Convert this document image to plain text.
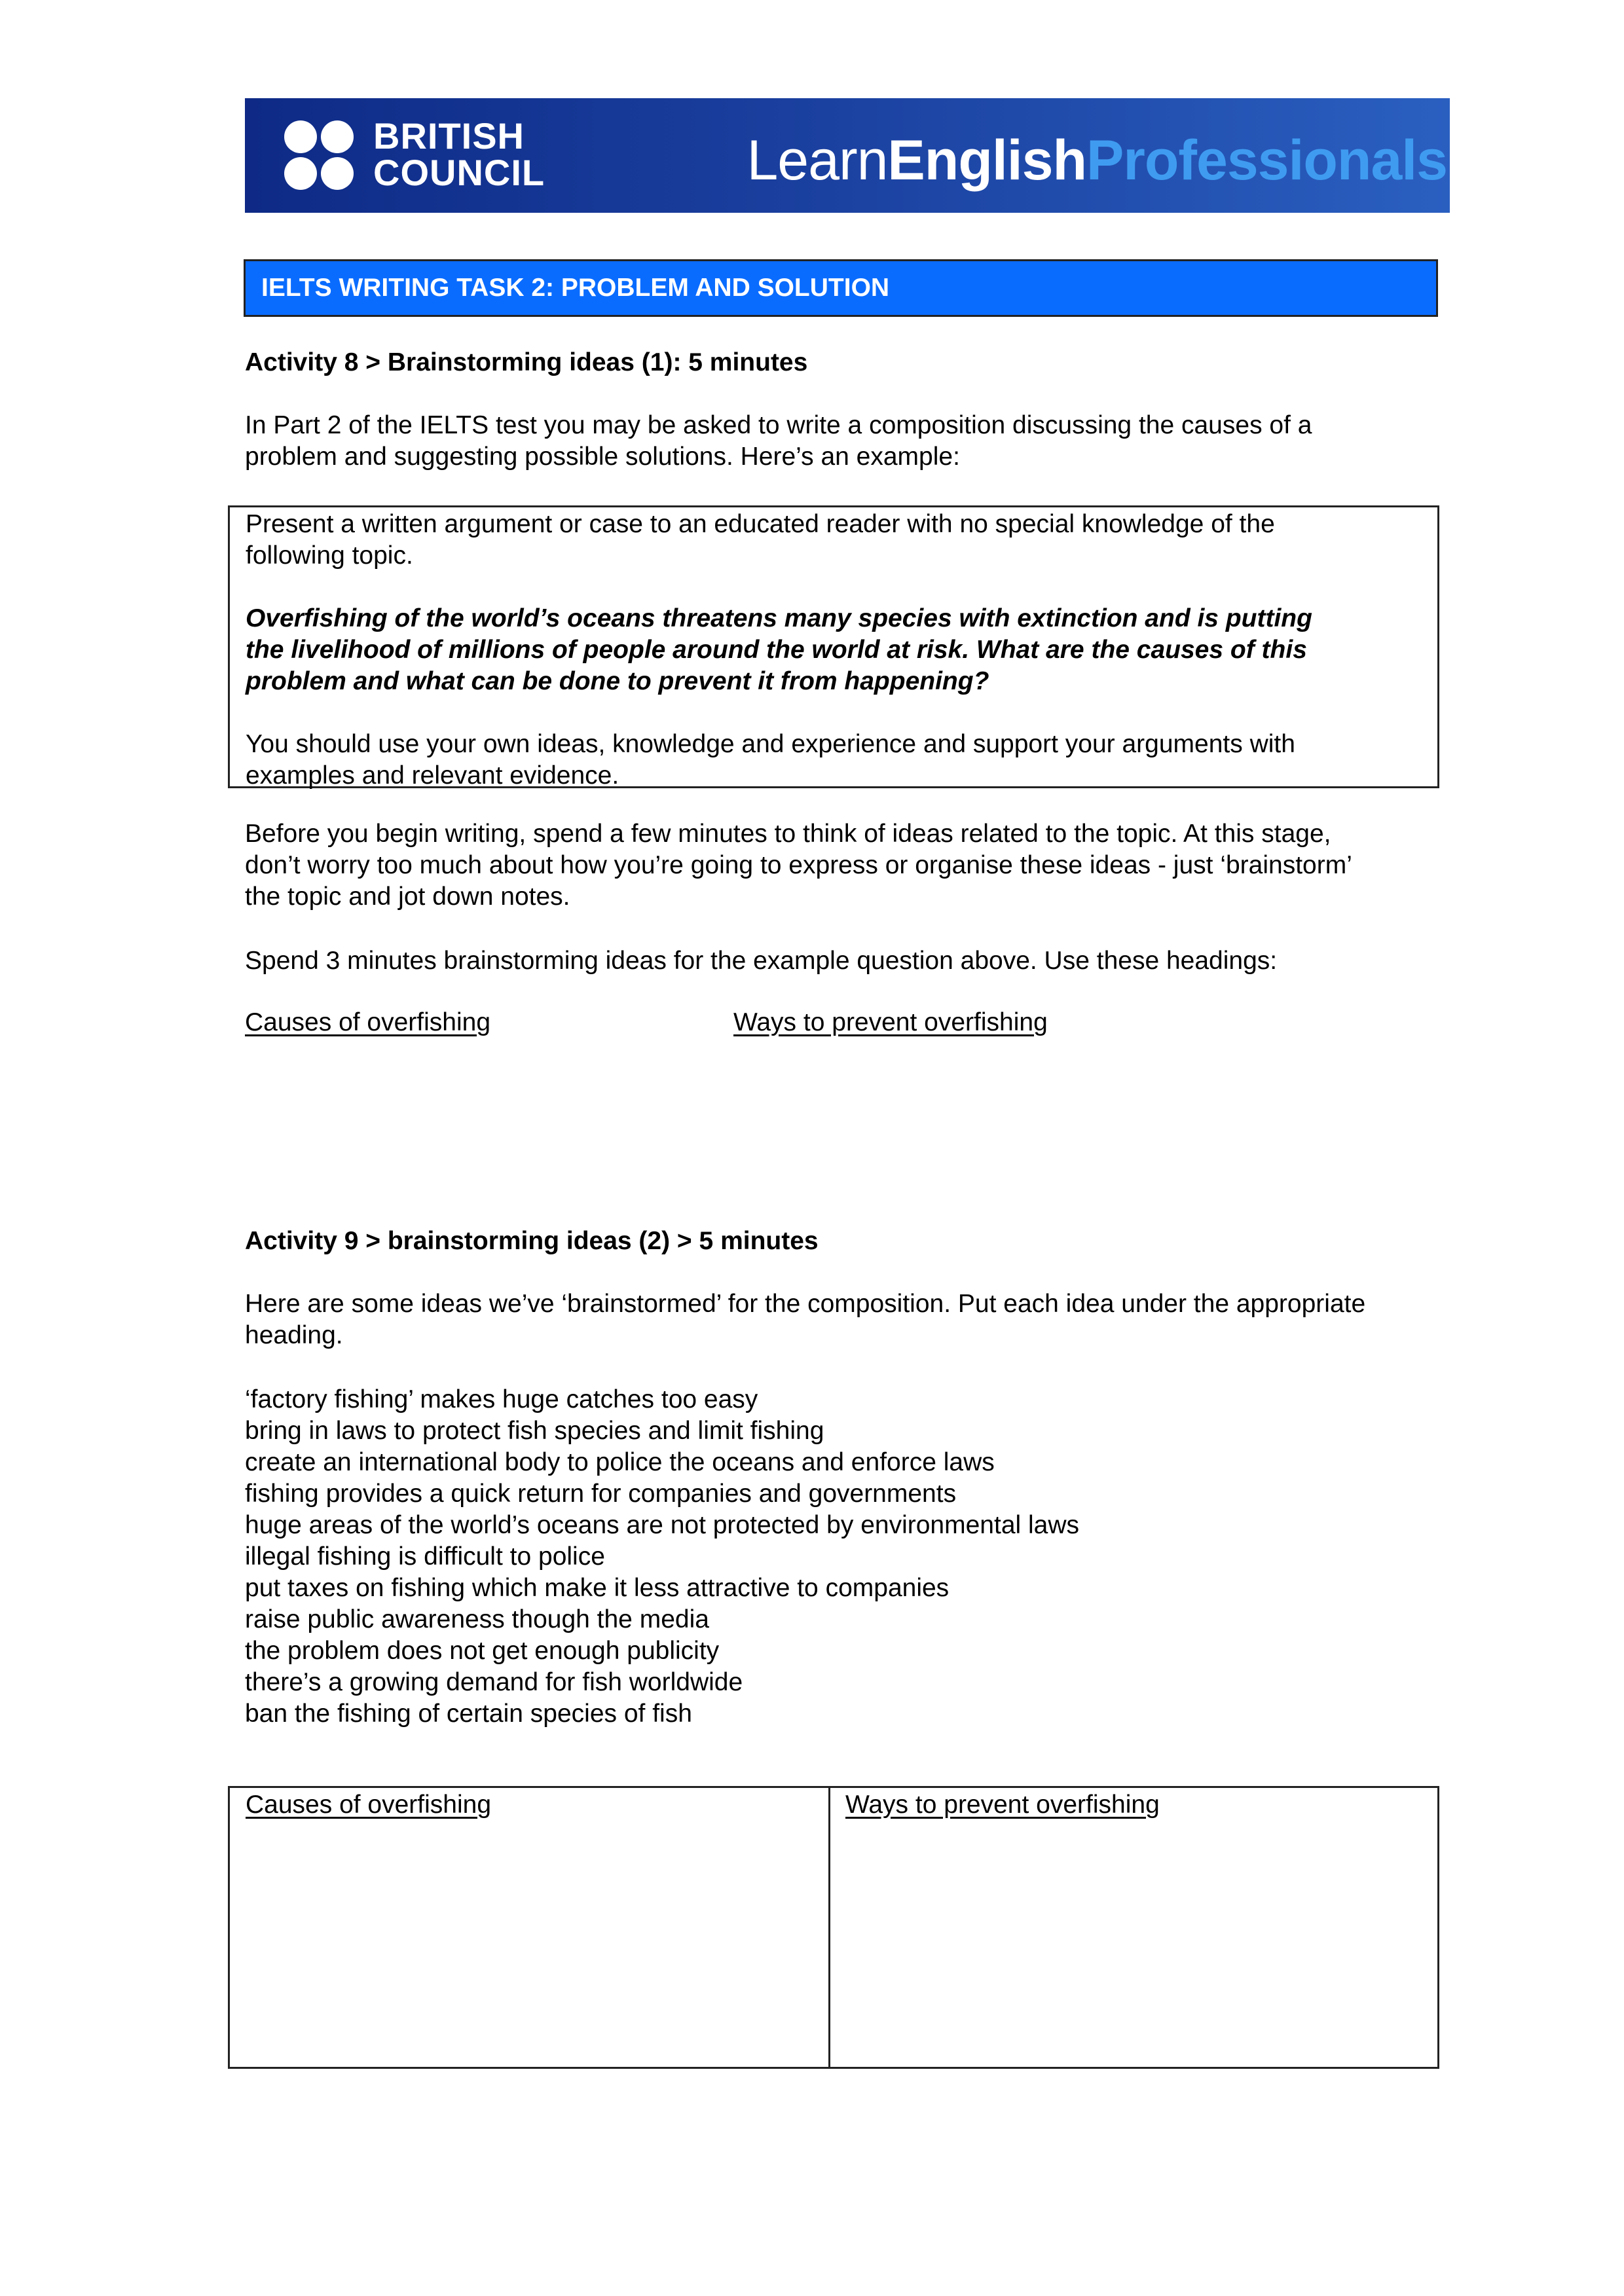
BRITISH
COUNCIL	LearnEnglishProfessionals
IELTS WRITING TASK 2: PROBLEM AND SOLUTION
Activity 8 > Brainstorming ideas (1): 5 minutes
In Part 2 of the IELTS test you may be asked to write a composition discussing the causes of a
problem and suggesting possible solutions. Here’s an example:
Present a written argument or case to an educated reader with no special knowledge of the
following topic.
Overfishing of the world’s oceans threatens many species with extinction and is putting
the livelihood of millions of people around the world at risk. What are the causes of this
problem and what can be done to prevent it from happening?
You should use your own ideas, knowledge and experience and support your arguments with
examples and relevant evidence.
Before you begin writing, spend a few minutes to think of ideas related to the topic. At this stage,
don’t worry too much about how you’re going to express or organise these ideas - just ‘brainstorm’
the topic and jot down notes.
Spend 3 minutes brainstorming ideas for the example question above. Use these headings:
Causes of overfishing	Ways to prevent overfishing
Activity 9 > brainstorming ideas (2) > 5 minutes
Here are some ideas we’ve ‘brainstormed’ for the composition. Put each idea under the appropriate
heading.
‘factory fishing’ makes huge catches too easy
bring in laws to protect fish species and limit fishing
create an international body to police the oceans and enforce laws
fishing provides a quick return for companies and governments
huge areas of the world’s oceans are not protected by environmental laws
illegal fishing is difficult to police
put taxes on fishing which make it less attractive to companies
raise public awareness though the media
the problem does not get enough publicity
there’s a growing demand for fish worldwide
ban the fishing of certain species of fish
Causes of overfishing	Ways to prevent overfishing
